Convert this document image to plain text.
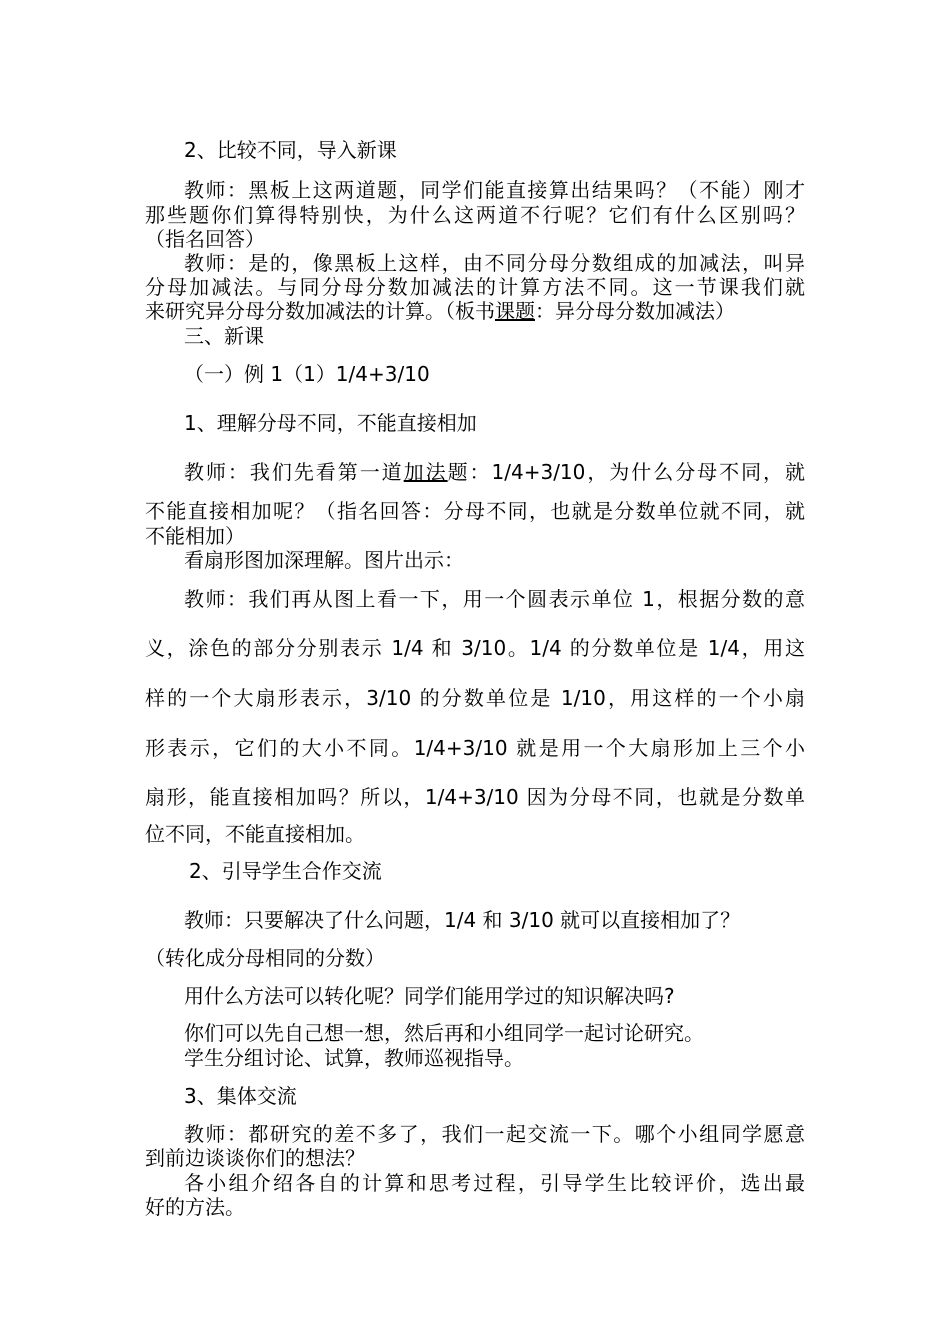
2、比较不同，导入新课
教师：黑板上这两道题，同学们能直接算出结果吗？（不能）刚才
那些题你们算得特别快，为什么这两道不行呢？它们有什么区别吗？
（指名回答）
教师：是的，像黑板上这样，由不同分母分数组成的加减法，叫异
分母加减法。与同分母分数加减法的计算方法不同。这一节课我们就
来研究异分母分数加减法的计算。（板书课题：异分母分数加减法）
三、新课
（一）例 1（1）1/4+3/10
1、理解分母不同，不能直接相加
教师：我们先看第一道加法题：1/4+3/10，为什么分母不同，就
不能直接相加呢？（指名回答：分母不同，也就是分数单位就不同，就
不能相加）
看扇形图加深理解。图片出示：
教师：我们再从图上看一下，用一个圆表示单位 1，根据分数的意
义，涂色的部分分别表示 1/4 和 3/10。1/4 的分数单位是 1/4，用这
样的一个大扇形表示，3/10 的分数单位是 1/10，用这样的一个小扇
形表示，它们的大小不同。1/4+3/10 就是用一个大扇形加上三个小
扇形，能直接相加吗？所以，1/4+3/10 因为分母不同，也就是分数单
位不同，不能直接相加。
2、引导学生合作交流
教师：只要解决了什么问题，1/4 和 3/10 就可以直接相加了？
（转化成分母相同的分数）
用什么方法可以转化呢？同学们能用学过的知识解决吗?
你们可以先自己想一想，然后再和小组同学一起讨论研究。
学生分组讨论、试算，教师巡视指导。
3、集体交流
教师：都研究的差不多了，我们一起交流一下。哪个小组同学愿意
到前边谈谈你们的想法？
各小组介绍各自的计算和思考过程，引导学生比较评价，选出最
好的方法。
